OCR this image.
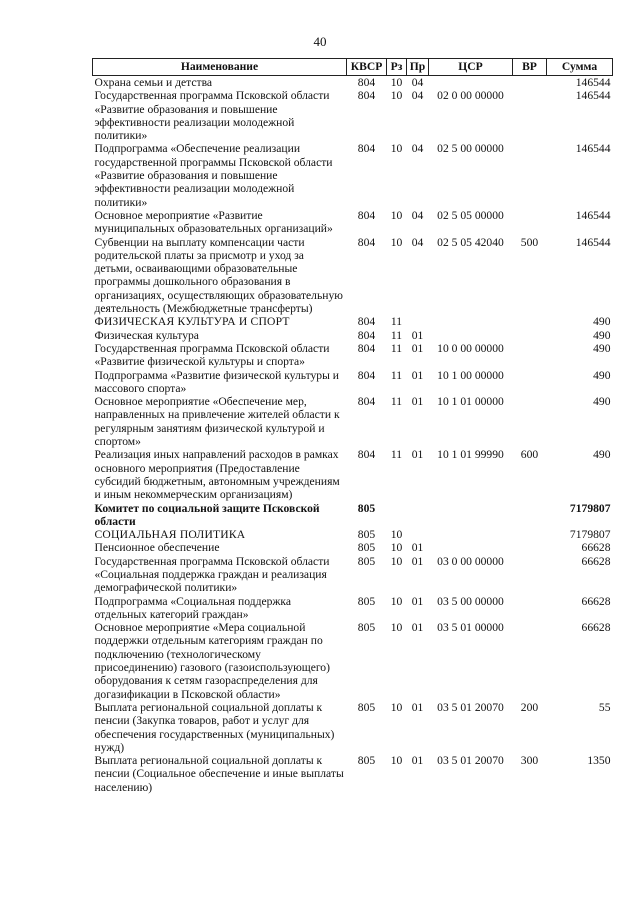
40
Наименование	КВСР	Рз	Пр	ЦСР	ВР	Сумма
Охрана семьи и детства	804	10	04			146544
Государственная программа Псковской области «Развитие образования и повышение эффективности реализации молодежной политики»	804	10	04	02 0 00 00000		146544
Подпрограмма «Обеспечение реализации государственной программы Псковской области «Развитие образования и повышение эффективности реализации молодежной политики»	804	10	04	02 5 00 00000		146544
Основное мероприятие «Развитие муниципальных образовательных организаций»	804	10	04	02 5 05 00000		146544
Субвенции на выплату компенсации части родительской платы за присмотр и уход за детьми, осваивающими образовательные программы дошкольного образования в организациях, осуществляющих образовательную деятельность (Межбюджетные трансферты)	804	10	04	02 5 05 42040	500	146544
ФИЗИЧЕСКАЯ КУЛЬТУРА И СПОРТ	804	11				490
Физическая культура	804	11	01			490
Государственная программа Псковской области «Развитие физической культуры и спорта»	804	11	01	10 0 00 00000		490
Подпрограмма «Развитие физической культуры и массового спорта»	804	11	01	10 1 00 00000		490
Основное мероприятие «Обеспечение мер, направленных на привлечение жителей области к регулярным занятиям физической культурой и спортом»	804	11	01	10 1 01 00000		490
Реализация иных направлений расходов в рамках основного мероприятия (Предоставление субсидий бюджетным, автономным учреждениям и иным некоммерческим организациям)	804	11	01	10 1 01 99990	600	490
Комитет по социальной защите Псковской области	805					7179807
СОЦИАЛЬНАЯ ПОЛИТИКА	805	10				7179807
Пенсионное обеспечение	805	10	01			66628
Государственная программа Псковской области «Социальная поддержка граждан и реализация демографической политики»	805	10	01	03 0 00 00000		66628
Подпрограмма «Социальная поддержка отдельных категорий граждан»	805	10	01	03 5 00 00000		66628
Основное мероприятие «Мера социальной поддержки отдельным категориям граждан по подключению (технологическому присоединению) газового (газоиспользующего) оборудования к сетям газораспределения для догазификации в Псковской области»	805	10	01	03 5 01 00000		66628
Выплата региональной социальной доплаты к пенсии (Закупка товаров, работ и услуг для обеспечения государственных (муниципальных) нужд)	805	10	01	03 5 01 20070	200	55
Выплата региональной социальной доплаты к пенсии (Социальное обеспечение и иные выплаты населению)	805	10	01	03 5 01 20070	300	1350
